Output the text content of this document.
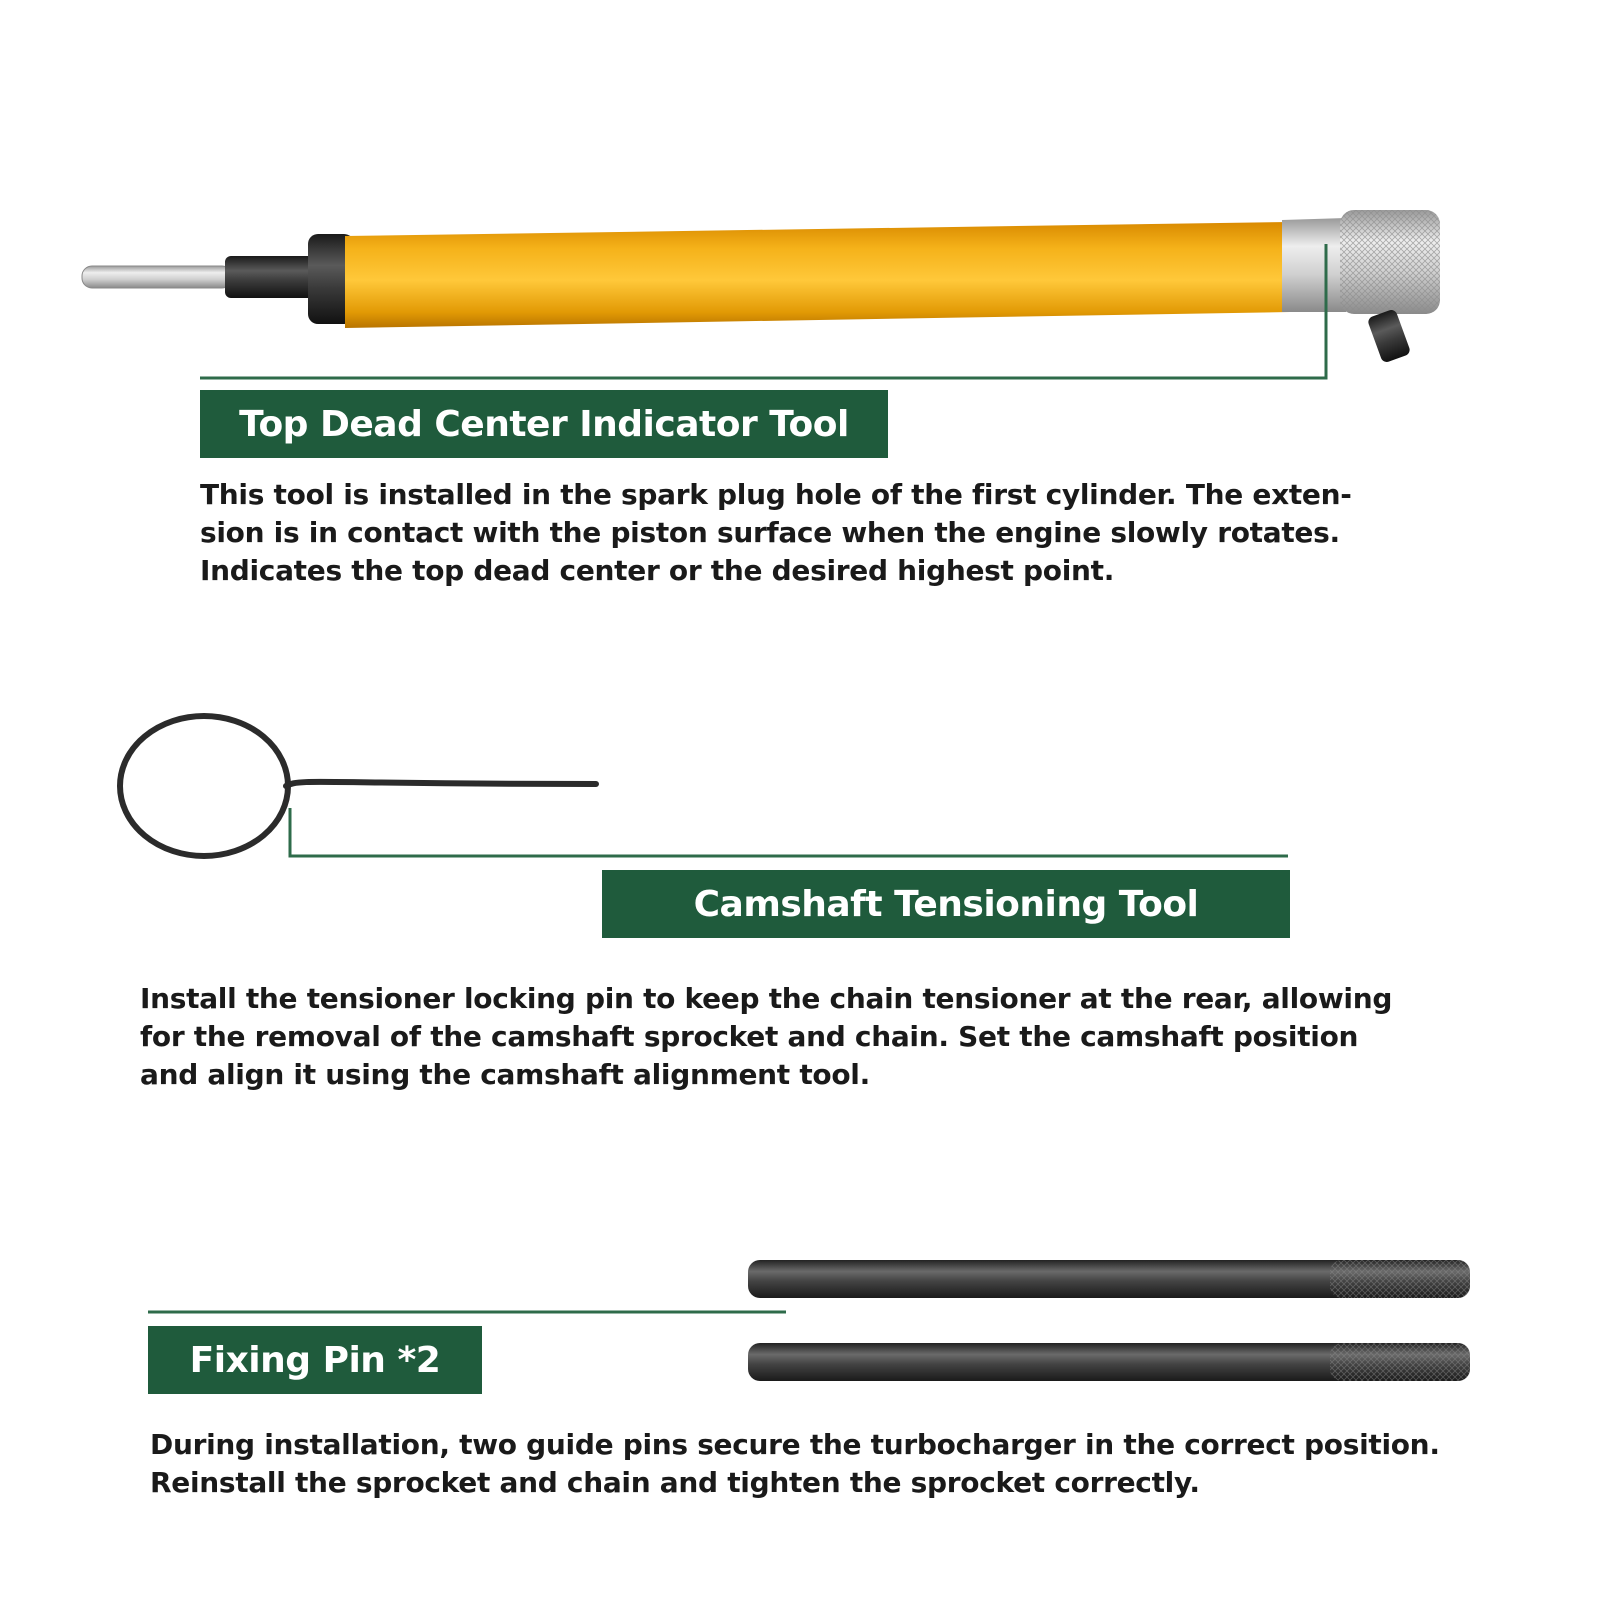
Top Dead Center Indicator Tool
This tool is installed in the spark plug hole of the first cylinder. The exten-
sion is in contact with the piston surface when the engine slowly rotates.
Indicates the top dead center or the desired highest point.
Camshaft Tensioning Tool
Install the tensioner locking pin to keep the chain tensioner at the rear, allowing
for the removal of the camshaft sprocket and chain. Set the camshaft position
and align it using the camshaft alignment tool.
Fixing Pin *2
During installation, two guide pins secure the turbocharger in the correct position.
Reinstall the sprocket and chain and tighten the sprocket correctly.
